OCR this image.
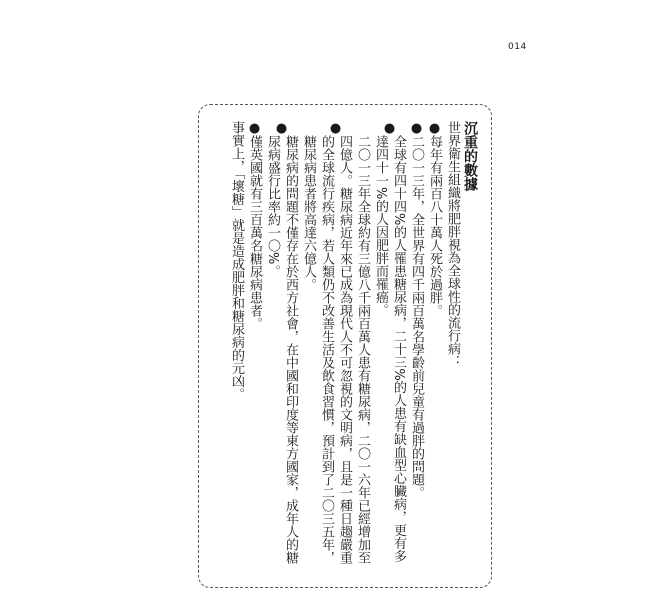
014

沉重的數據

世界衛生組織將肥胖視為全球性的流行病：

●
每年有兩百八十萬人死於過胖。

●
二〇一三年，全世界有四千兩百萬名學齡前兒童有過胖的問題。

●
全球有四十四%的人罹患糖尿病，二十三%的人患有缺血型心臟病，更有多達四十一%的人因肥胖而罹癌。

●
二〇一三年全球約有三億八千兩百萬人患有糖尿病，二〇一六年已經增加至四億人。糖尿病近年來已成為現代人不可忽視的文明病，且是一種日趨嚴重的全球流行疾病，若人類仍不改善生活及飲食習慣，預計到了二〇三五年，糖尿病患者將高達六億人。

●
糖尿病的問題不僅存在於西方社會，在中國和印度等東方國家，成年人的糖尿病盛行比率約一〇%。

●
僅英國就有三百萬名糖尿病患者。

事實上，「壞糖」就是造成肥胖和糖尿病的元凶。
